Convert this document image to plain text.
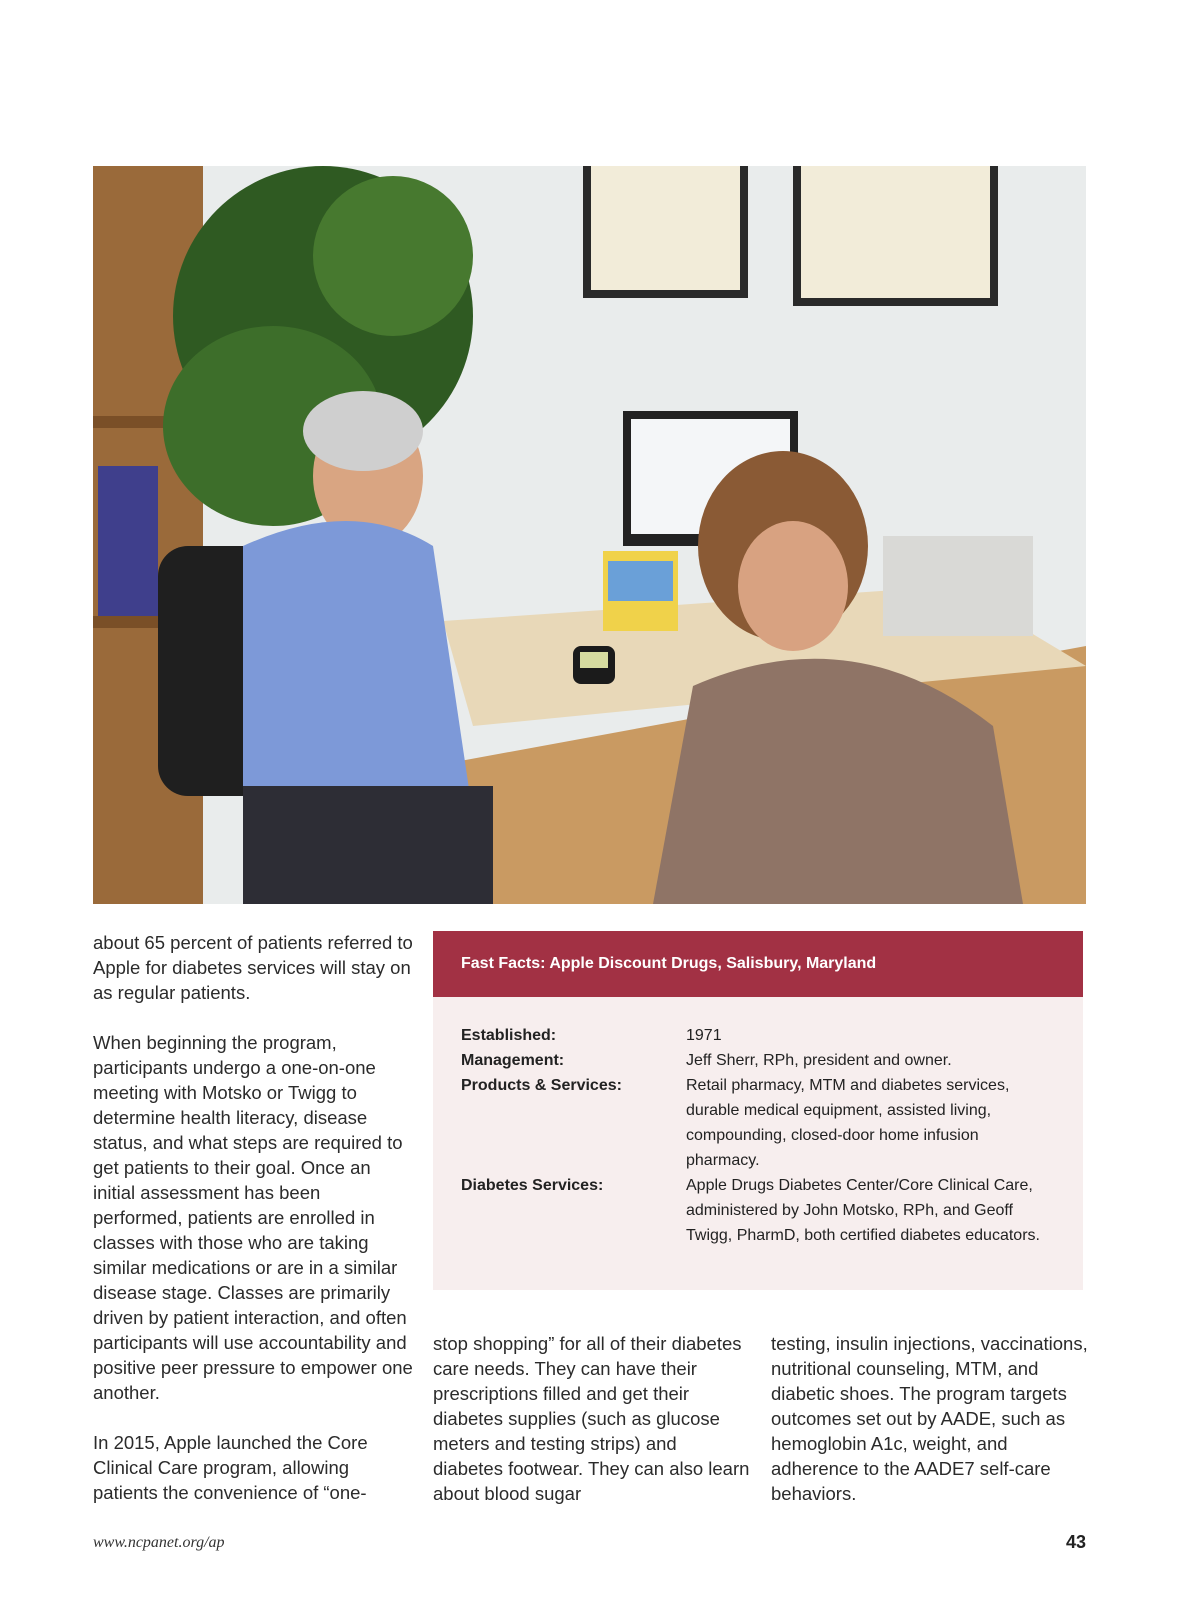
about 65 percent of patients referred to Apple for diabetes services will stay on as regular patients.

When beginning the program, participants undergo a one-on-one meeting with Motsko or Twigg to determine health literacy, disease status, and what steps are required to get patients to their goal. Once an initial assessment has been performed, patients are enrolled in classes with those who are taking similar medications or are in a similar disease stage. Classes are primarily driven by patient interaction, and often participants will use accountability and positive peer pressure to empower one another.

In 2015, Apple launched the Core Clinical Care program, allowing patients the convenience of “one-

Fast Facts: Apple Discount Drugs, Salisbury, Maryland
Established:	1971
Management:	Jeff Sherr, RPh, president and owner.
Products & Services:	Retail pharmacy, MTM and diabetes services, durable medical equipment, assisted living, compounding, closed-door home infusion pharmacy.
Diabetes Services:	Apple Drugs Diabetes Center/Core Clinical Care, administered by John Motsko, RPh, and Geoff Twigg, PharmD, both certified diabetes educators.

stop shopping” for all of their diabetes care needs. They can have their prescriptions filled and get their diabetes supplies (such as glucose meters and testing strips) and diabetes footwear. They can also learn about blood sugar

testing, insulin injections, vaccinations, nutritional counseling, MTM, and diabetic shoes. The program targets outcomes set out by AADE, such as hemoglobin A1c, weight, and adherence to the AADE7 self-care behaviors.

www.ncpanet.org/ap	43
